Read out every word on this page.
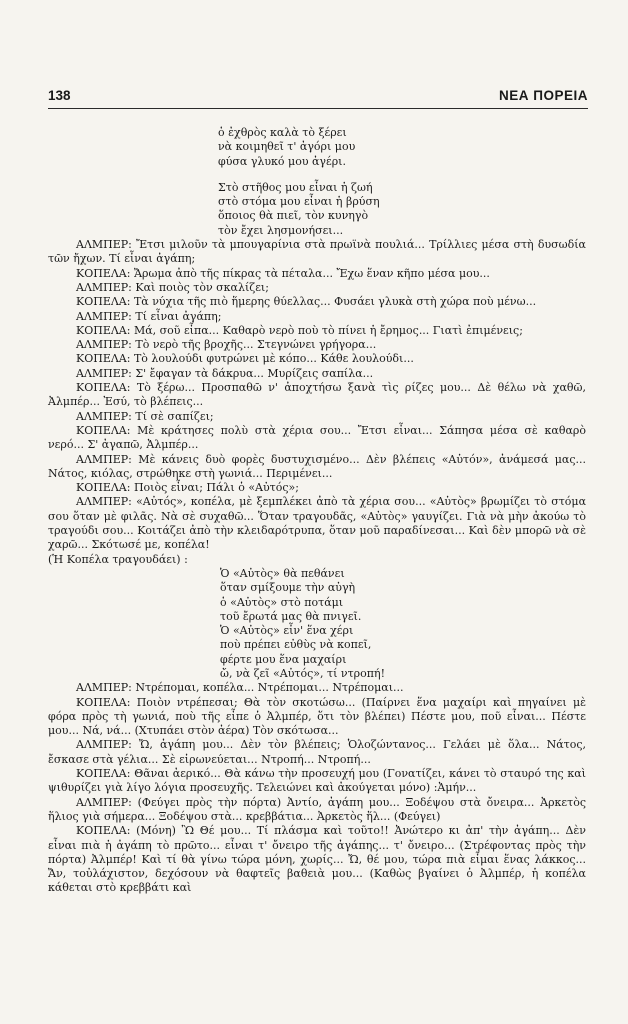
138	ΝΕΑ ΠΟΡΕΙΑ
ὁ ἐχθρὸς καλὰ τὸ ξέρει
νὰ κοιμηθεῖ τ' ἀγόρι μου
φύσα γλυκό μου ἀγέρι.
Στὸ στῆθος μου εἶναι ἡ ζωή
στὸ στόμα μου εἶναι ἡ βρύση
ὅποιος θὰ πιεῖ, τὸν κυνηγὸ
τὸν ἔχει λησμονήσει...

ΑΛΜΠΕΡ: Ἔτσι μιλοῦν τὰ μπουγαρίνια στὰ πρωϊνὰ πουλιά... Τρίλλιες μέσα στὴ δυσωδία τῶν ἤχων. Τί εἶναι ἀγάπη;

ΚΟΠΕΛΑ: Ἄρωμα ἀπὸ τῆς πίκρας τὰ πέταλα... Ἔχω ἕναν κῆπο μέσα μου...

ΑΛΜΠΕΡ: Καὶ ποιὸς τὸν σκαλίζει;

ΚΟΠΕΛΑ: Τὰ νύχια τῆς πιὸ ἥμερης θύελλας... Φυσάει γλυκὰ στὴ χώρα ποὺ μένω...

ΑΛΜΠΕΡ: Τί εἶναι ἀγάπη;

ΚΟΠΕΛΑ: Μά, σοῦ εἶπα... Καθαρὸ νερὸ ποὺ τὸ πίνει ἡ ἔρημος... Γιατὶ ἐπιμένεις;

ΑΛΜΠΕΡ: Τὸ νερὸ τῆς βροχῆς... Στεγνώνει γρήγορα...

ΚΟΠΕΛΑ: Τὸ λουλούδι φυτρώνει μὲ κόπο... Κάθε λουλούδι...

ΑΛΜΠΕΡ: Σ' ἔφαγαν τὰ δάκρυα... Μυρίζεις σαπίλα...

ΚΟΠΕΛΑ: Τὸ ξέρω... Προσπαθῶ ν' ἀποχτήσω ξανὰ τὶς ρίζες μου... Δὲ θέλω νὰ χαθῶ, Ἀλμπέρ... Ἐσύ, τὸ βλέπεις...

ΑΛΜΠΕΡ: Τί σὲ σαπίζει;

ΚΟΠΕΛΑ: Μὲ κράτησες πολὺ στὰ χέρια σου... Ἔτσι εἶναι... Σάπησα μέσα σὲ καθαρὸ νερό... Σ' ἀγαπῶ, Ἀλμπέρ...

ΑΛΜΠΕΡ: Μὲ κάνεις δυὸ φορὲς δυστυχισμένο... Δὲν βλέπεις «Αὐτόν», ἀνάμεσά μας... Νάτος, κιόλας, στρώθηκε στὴ γωνιά... Περιμένει...

ΚΟΠΕΛΑ: Ποιὸς εἶναι; Πάλι ὁ «Αὐτός»;

ΑΛΜΠΕΡ: «Αὐτός», κοπέλα, μὲ ξεμπλέκει ἀπὸ τὰ χέρια σου... «Αὐτὸς» βρωμίζει τὸ στόμα σου ὅταν μὲ φιλᾶς. Νὰ σὲ συχαθῶ... Ὅταν τραγουδᾶς, «Αὐτὸς» γαυγίζει. Γιὰ νὰ μὴν ἀκούω τὸ τραγούδι σου... Κοιτάζει ἀπὸ τὴν κλειδαρότρυπα, ὅταν μοῦ παραδίνεσαι... Καὶ δὲν μπορῶ νὰ σὲ χαρῶ... Σκότωσέ με, κοπέλα!

(Ἡ Κοπέλα τραγουδάει) :

Ὁ «Αὐτὸς» θὰ πεθάνει
ὅταν σμίξουμε τὴν αὐγὴ
ὁ «Αὐτὸς» στὸ ποτάμι
τοῦ ἔρωτά μας θὰ πνιγεῖ.
Ὁ «Αὐτὸς» εἶν' ἕνα χέρι
ποὺ πρέπει εὐθὺς νὰ κοπεῖ,
φέρτε μου ἕνα μαχαίρι
ὤ, νὰ ζεῖ «Αὐτός», τί ντροπή!

ΑΛΜΠΕΡ: Ντρέπομαι, κοπέλα... Ντρέπομαι... Ντρέπομαι...

ΚΟΠΕΛΑ: Ποιὸν ντρέπεσαι; Θὰ τὸν σκοτώσω... (Παίρνει ἕνα μαχαίρι καὶ πηγαίνει μὲ φόρα πρὸς τὴ γωνιά, ποὺ τῆς εἶπε ὁ Ἀλμπέρ, ὅτι τὸν βλέπει) Πέστε μου, ποῦ εἶναι... Πέστε μου... Νά, νά... (Χτυπάει στὸν ἀέρα) Τὸν σκότωσα...

ΑΛΜΠΕΡ: Ὤ, ἀγάπη μου... Δὲν τὸν βλέπεις; Ὁλοζώντανος... Γελάει μὲ ὅλα... Νάτος, ἔσκασε στὰ γέλια... Σὲ εἰρωνεύεται... Ντροπή... Ντροπή...

ΚΟΠΕΛΑ: Θᾶναι ἀερικό... Θὰ κάνω τὴν προσευχή μου (Γονατίζει, κάνει τὸ σταυρό της καὶ ψιθυρίζει γιὰ λίγο λόγια προσευχῆς. Τελειώνει καὶ ἀκούγεται μόνο) :Ἀμήν...

ΑΛΜΠΕΡ: (Φεύγει πρὸς τὴν πόρτα) Ἀντίο, ἀγάπη μου... Ξοδέψου στὰ ὄνειρα... Ἀρκετὸς ἥλιος γιὰ σήμερα... Ξοδέψου στὰ... κρεββάτια... Ἀρκετὸς ἥλ... (Φεύγει)

ΚΟΠΕΛΑ: (Μόνη) Ὢ Θέ μου... Τί πλάσμα καὶ τοῦτο!! Ἀνώτερο κι ἀπ' τὴν ἀγάπη... Δὲν εἶναι πιὰ ἡ ἀγάπη τὸ πρῶτο... εἶναι τ' ὄνειρο τῆς ἀγάπης... τ' ὄνειρο... (Στρέφοντας πρὸς τὴν πόρτα) Ἀλμπέρ! Καὶ τί θὰ γίνω τώρα μόνη, χωρίς... Ὤ, θέ μου, τώρα πιὰ εἶμαι ἕνας λάκκος... Ἄν, τοὐλάχιστον, δεχόσουν νὰ θαφτεῖς βαθειὰ μου... (Καθὼς βγαίνει ὁ Ἀλμπέρ, ἡ κοπέλα κάθεται στὸ κρεββάτι καὶ
